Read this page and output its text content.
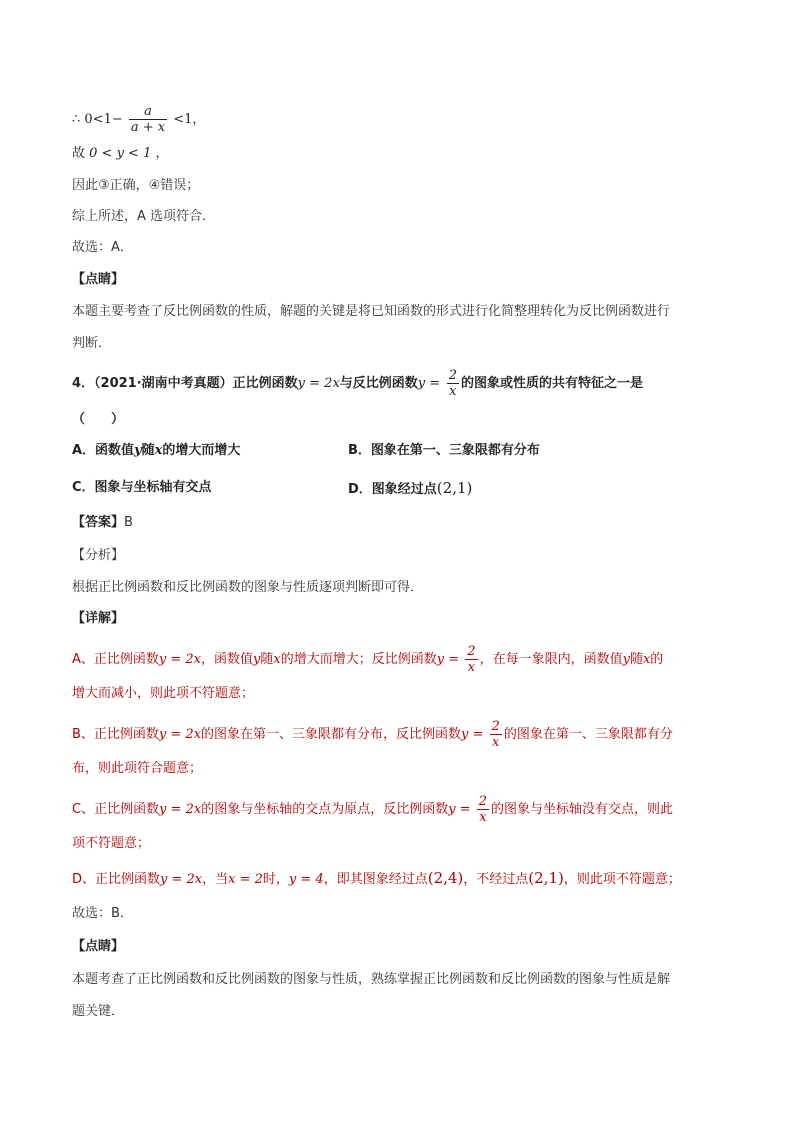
∴ $0<1- \frac{a}{a + x} <1$，
故 0 < y < 1 ，
因此③正确，④错误；
综上所述，A 选项符合．
故选：A．
【点睛】
本题主要考查了反比例函数的性质，解题的关键是将已知函数的形式进行化简整理转化为反比例函数进行
判断．
4．（2021·湖南中考真题）正比例函数y = 2x与反比例函数$y = \frac{2}{x}$ 的图象或性质的共有特征之一是
（　　）
A．函数值y随x的增大而增大	B．图象在第一、三象限都有分布
C．图象与坐标轴有交点	D．图象经过点(2,1)
【答案】B
【分析】
根据正比例函数和反比例函数的图象与性质逐项判断即可得．
【详解】
A、正比例函数y = 2x，函数值y随x的增大而增大；反比例函数$y = \frac{2}{x}$ ，在每一象限内，函数值y随x的
增大而减小，则此项不符题意；
B、正比例函数y = 2x的图象在第一、三象限都有分布，反比例函数$y = \frac{2}{x}$ 的图象在第一、三象限都有分
布，则此项符合题意；
C、正比例函数y = 2x的图象与坐标轴的交点为原点，反比例函数$y = \frac{2}{x}$ 的图象与坐标轴没有交点，则此
项不符题意；
D、正比例函数y = 2x，当x = 2时，y = 4，即其图象经过点(2,4)，不经过点(2,1)，则此项不符题意；
故选：B．
【点睛】
本题考查了正比例函数和反比例函数的图象与性质，熟练掌握正比例函数和反比例函数的图象与性质是解
题关键．
